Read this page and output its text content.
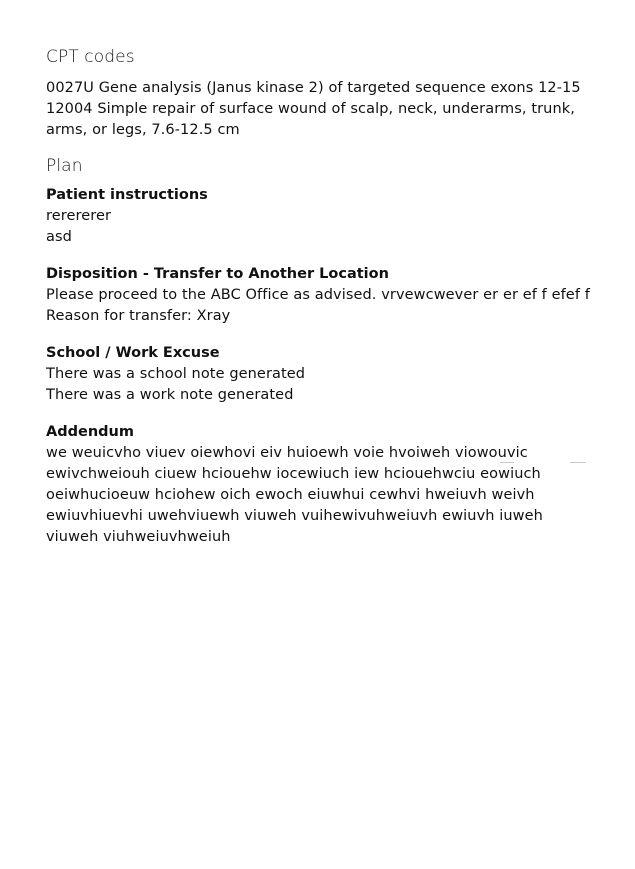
CPT codes

0027U Gene analysis (Janus kinase 2) of targeted sequence exons 12-15

12004 Simple repair of surface wound of scalp, neck, underarms, trunk, arms, or legs, 7.6-12.5 cm

Plan

Patient instructions

rerererer

asd

Disposition - Transfer to Another Location

Please proceed to the ABC Office as advised. vrvewcwever er er ef f efef f

Reason for transfer: Xray

School / Work Excuse

There was a school note generated

There was a work note generated

Addendum

we weuicvho viuev oiewhovi eiv huioewh voie hvoiweh viowouvic ewivchweiouh ciuew hciouehw iocewiuch iew hciouehwciu eowiuch oeiwhucioeuw hciohew oich ewoch eiuwhui cewhvi hweiuvh weivh ewiuvhiuevhi uwehviuewh viuweh vuihewivuhweiuvh ewiuvh iuweh viuweh viuhweiuvhweiuh
